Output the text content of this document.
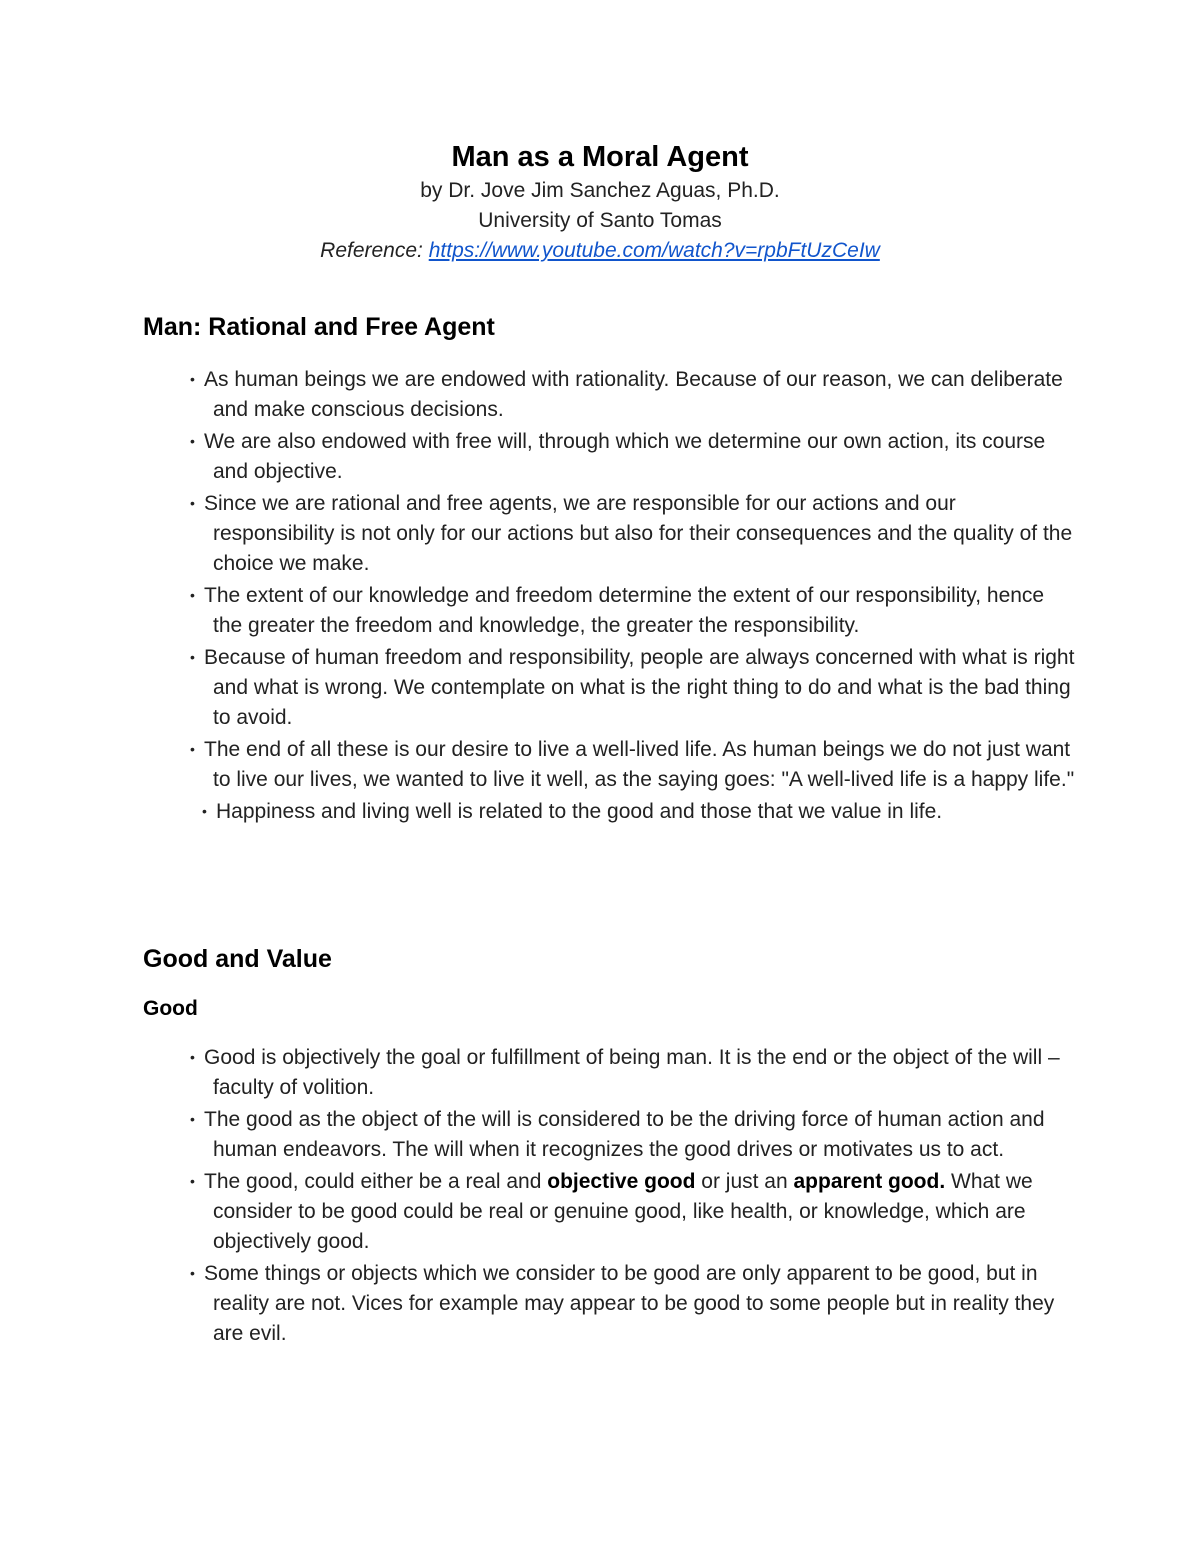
Man as a Moral Agent

by Dr. Jove Jim Sanchez Aguas, Ph.D.

University of Santo Tomas

Reference: https://www.youtube.com/watch?v=rpbFtUzCeIw

Man: Rational and Free Agent
• As human beings we are endowed with rationality. Because of our reason, we can deliberate and make conscious decisions.
• We are also endowed with free will, through which we determine our own action, its course and objective.
• Since we are rational and free agents, we are responsible for our actions and our responsibility is not only for our actions but also for their consequences and the quality of the choice we make.
• The extent of our knowledge and freedom determine the extent of our responsibility, hence the greater the freedom and knowledge, the greater the responsibility.
• Because of human freedom and responsibility, people are always concerned with what is right and what is wrong. We contemplate on what is the right thing to do and what is the bad thing to avoid.
• The end of all these is our desire to live a well-lived life. As human beings we do not just want to live our lives, we wanted to live it well, as the saying goes: "A well-lived life is a happy life."
• Happiness and living well is related to the good and those that we value in life.
Good and Value
Good
• Good is objectively the goal or fulfillment of being man. It is the end or the object of the will –faculty of volition.
• The good as the object of the will is considered to be the driving force of human action and human endeavors. The will when it recognizes the good drives or motivates us to act.
• The good, could either be a real and objective good or just an apparent good. What we consider to be good could be real or genuine good, like health, or knowledge, which are objectively good.
• Some things or objects which we consider to be good are only apparent to be good, but in reality are not. Vices for example may appear to be good to some people but in reality they are evil.
